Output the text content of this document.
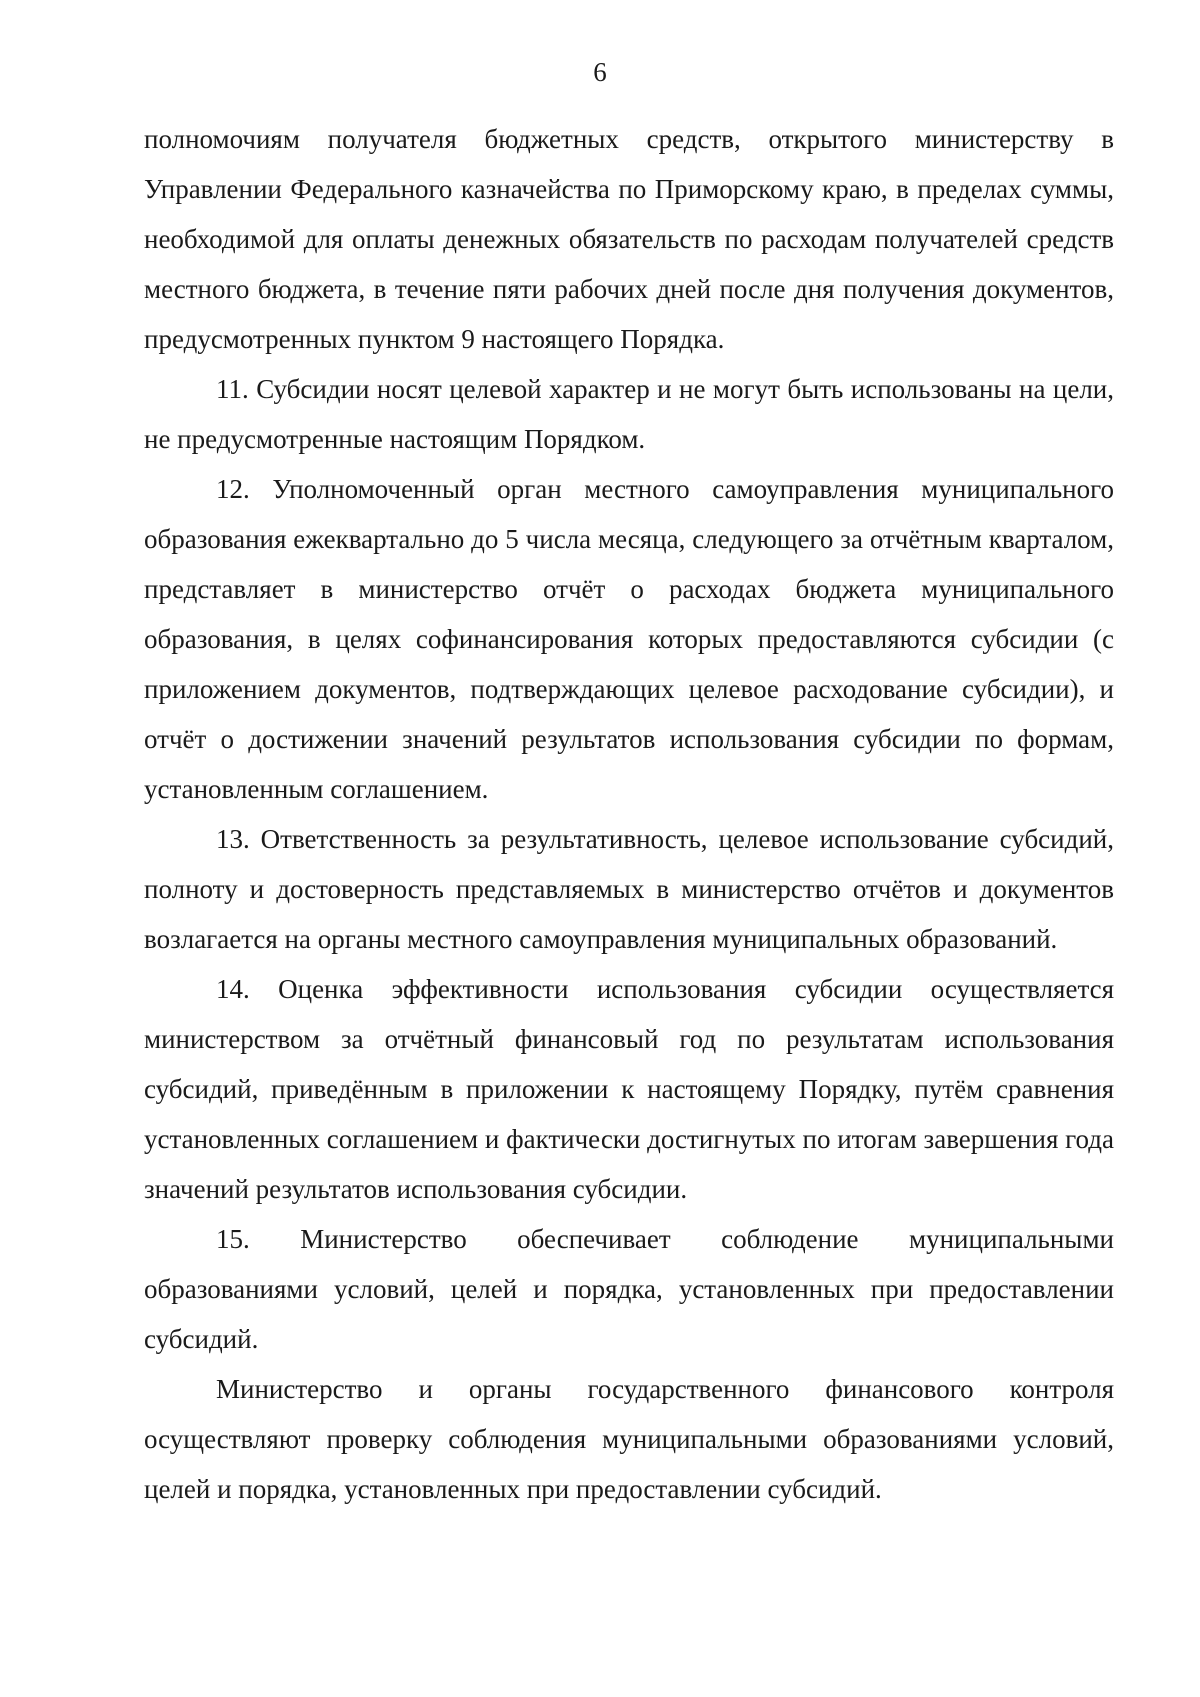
6

полномочиям получателя бюджетных средств, открытого министерству в Управлении Федерального казначейства по Приморскому краю, в пределах суммы, необходимой для оплаты денежных обязательств по расходам получателей средств местного бюджета, в течение пяти рабочих дней после дня получения документов, предусмотренных пунктом 9 настоящего Порядка.

11. Субсидии носят целевой характер и не могут быть использованы на цели, не предусмотренные настоящим Порядком.

12. Уполномоченный орган местного самоуправления муниципального образования ежеквартально до 5 числа месяца, следующего за отчётным кварталом, представляет в министерство отчёт о расходах бюджета муниципального образования, в целях софинансирования которых предоставляются субсидии (с приложением документов, подтверждающих целевое расходование субсидии), и отчёт о достижении значений результатов использования субсидии по формам, установленным соглашением.

13. Ответственность за результативность, целевое использование субсидий, полноту и достоверность представляемых в министерство отчётов и документов возлагается на органы местного самоуправления муниципальных образований.

14. Оценка эффективности использования субсидии осуществляется министерством за отчётный финансовый год по результатам использования субсидий, приведённым в приложении к настоящему Порядку, путём сравнения установленных соглашением и фактически достигнутых по итогам завершения года значений результатов использования субсидии.

15. Министерство обеспечивает соблюдение муниципальными образованиями условий, целей и порядка, установленных при предоставлении субсидий.

Министерство и органы государственного финансового контроля осуществляют проверку соблюдения муниципальными образованиями условий, целей и порядка, установленных при предоставлении субсидий.
